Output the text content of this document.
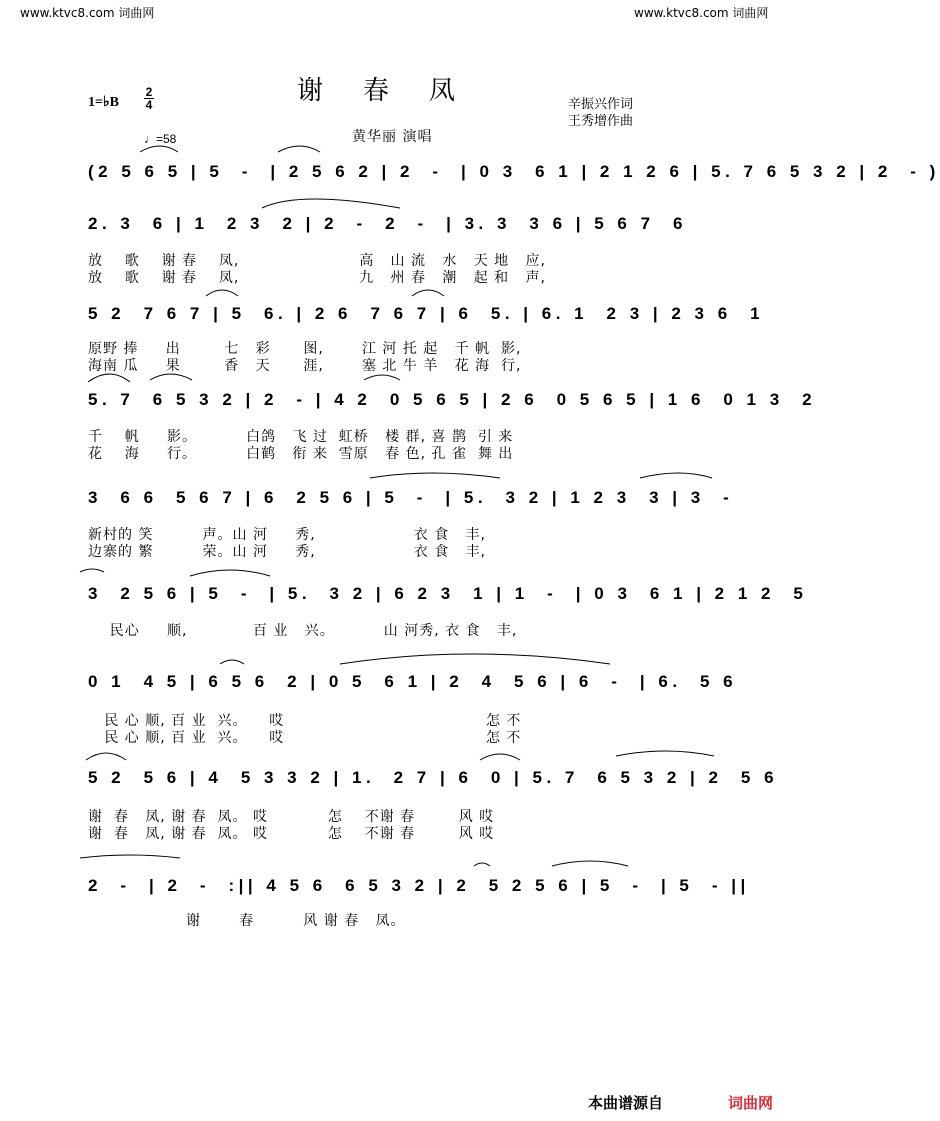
www.ktvc8.com 词曲网	www.ktvc8.com 词曲网
谢春凤
1=♭B
2
4	辛振兴作词
王秀增作曲
♩=58	黄华丽 演唱
(2 5 6 5 | 5  -  | 2 5 6 2 | 2  -  | 0 3  6 1 | 2 1 2 6 | 5. 7 6 5 3 2 | 2  - )
2. 3  6 | 1  2 3  2 | 2  -  2  -  | 3. 3  3 6 | 5 6 7  6
放    歌    谢 春    凤,                      高   山 流   水   天 地   应,
放    歌    谢 春    凤,                      九   州 春   潮   起 和   声,
5 2  7 6 7 | 5  6. | 2 6  7 6 7 | 6  5. | 6. 1  2 3 | 2 3 6  1
原野 捧     出        七   彩      图,       江 河 托 起   千 帆  影,
海南 瓜     果        香   天      涯,       塞 北 牛 羊   花 海  行,
5. 7  6 5 3 2 | 2  - | 4 2  0 5 6 5 | 2 6  0 5 6 5 | 1 6  0 1 3  2
千    帆     影。         白鸽   飞 过  虹桥   楼 群, 喜 鹊  引 来
花    海     行。         白鹤   衔 来  雪原   春 色, 孔 雀  舞 出
3  6 6  5 6 7 | 6  2 5 6 | 5  -  | 5.  3 2 | 1 2 3  3 | 3  -
新村的 笑         声。山 河     秀,                  衣 食   丰,
边寨的 繁         荣。山 河     秀,                  衣 食   丰,
3  2 5 6 | 5  -  | 5.  3 2 | 6 2 3  1 | 1  -  | 0 3  6 1 | 2 1 2  5
民心     顺,            百 业   兴。         山 河秀, 衣 食   丰,
0 1  4 5 | 6 5 6  2 | 0 5  6 1 | 2  4  5 6 | 6  -  | 6.  5 6
民 心 顺, 百 业  兴。    哎                                     怎 不
民 心 顺, 百 业  兴。    哎                                     怎 不
5 2  5 6 | 4  5 3 3 2 | 1.  2 7 | 6  0 | 5. 7  6 5 3 2 | 2  5 6
谢  春   凤, 谢 春  凤。 哎           怎    不谢 春        风 哎
谢  春   凤, 谢 春  凤。 哎           怎    不谢 春        风 哎
2  -  | 2  -  :|| 4 5 6  6 5 3 2 | 2  5 2 5 6 | 5  -  | 5  - ||
谢       春         风 谢 春   凤。
本曲谱源自	词曲网
